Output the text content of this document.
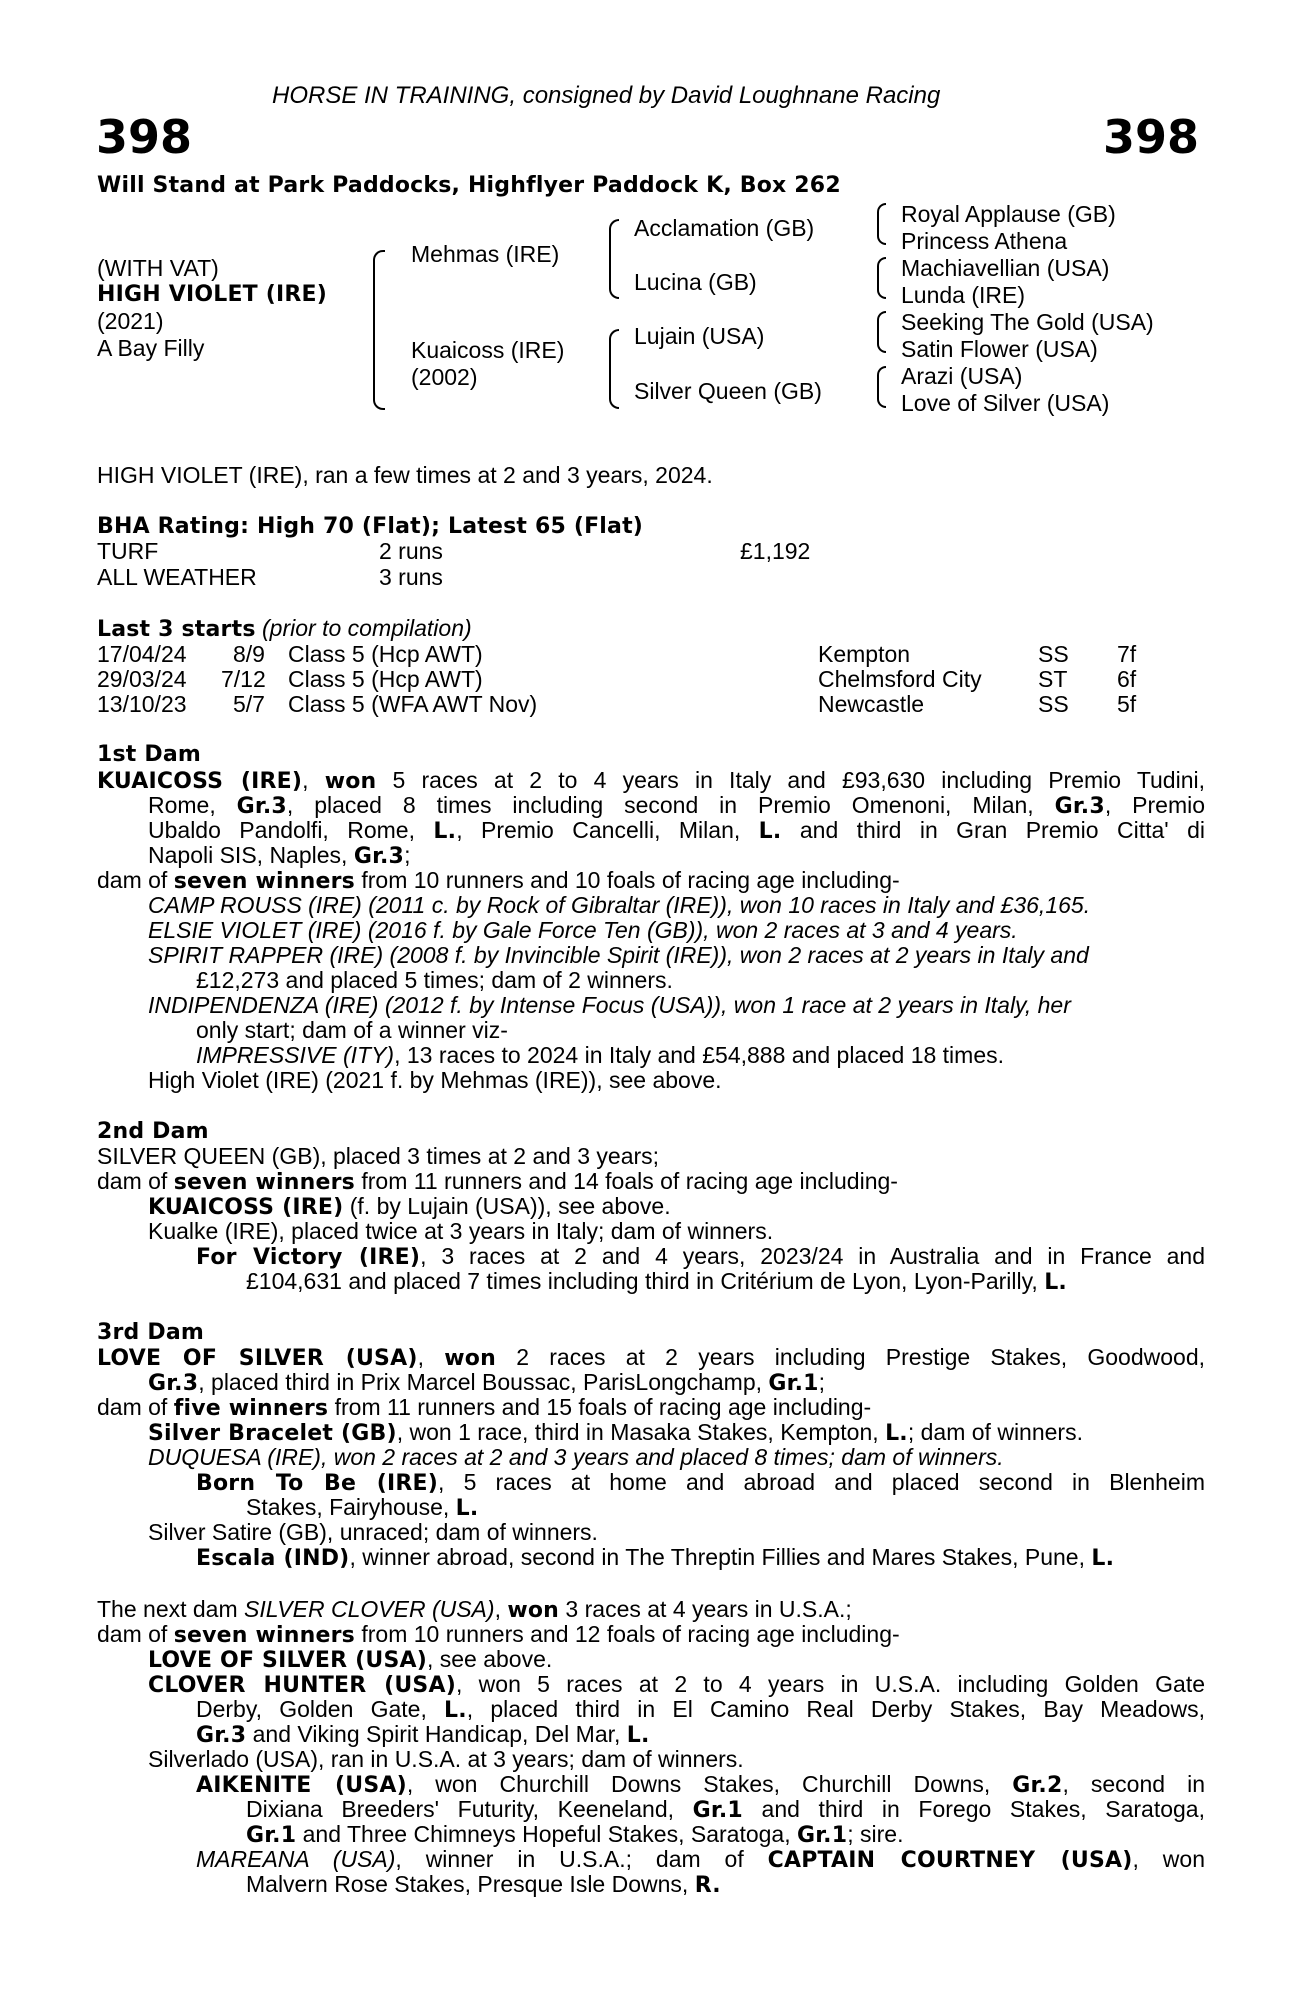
HORSE IN TRAINING, consigned by David Loughnane Racing
398	398
Will Stand at Park Paddocks, Highflyer Paddock K, Box 262
(WITH VAT)
HIGH VIOLET (IRE)
(2021)
A Bay Filly
Mehmas (IRE)
Kuaicoss (IRE)
(2002)
Acclamation (GB)
Lucina (GB)
Lujain (USA)
Silver Queen (GB)
Royal Applause (GB)
Princess Athena
Machiavellian (USA)
Lunda (IRE)
Seeking The Gold (USA)
Satin Flower (USA)
Arazi (USA)
Love of Silver (USA)
HIGH VIOLET (IRE), ran a few times at 2 and 3 years, 2024.
BHA Rating: High 70 (Flat); Latest 65 (Flat)
TURF	2 runs	£1,192
ALL WEATHER	3 runs
Last 3 starts (prior to compilation)
17/04/24 8/9 Class 5 (Hcp AWT)	Kempton	SS 7f
29/03/24 7/12 Class 5 (Hcp AWT)	Chelmsford City ST 6f
13/10/23 5/7 Class 5 (WFA AWT Nov)	Newcastle	SS 5f
1st Dam
KUAICOSS (IRE), won 5 races at 2 to 4 years in Italy and £93,630 including Premio Tudini,
Rome, Gr.3, placed 8 times including second in Premio Omenoni, Milan, Gr.3, Premio
Ubaldo Pandolfi, Rome, L., Premio Cancelli, Milan, L. and third in Gran Premio Citta' di
Napoli SIS, Naples, Gr.3;
dam of seven winners from 10 runners and 10 foals of racing age including-
CAMP ROUSS (IRE) (2011 c. by Rock of Gibraltar (IRE)), won 10 races in Italy and £36,165.
ELSIE VIOLET (IRE) (2016 f. by Gale Force Ten (GB)), won 2 races at 3 and 4 years.
SPIRIT RAPPER (IRE) (2008 f. by Invincible Spirit (IRE)), won 2 races at 2 years in Italy and
£12,273 and placed 5 times; dam of 2 winners.
INDIPENDENZA (IRE) (2012 f. by Intense Focus (USA)), won 1 race at 2 years in Italy, her
only start; dam of a winner viz-
IMPRESSIVE (ITY), 13 races to 2024 in Italy and £54,888 and placed 18 times.
High Violet (IRE) (2021 f. by Mehmas (IRE)), see above.
2nd Dam
SILVER QUEEN (GB), placed 3 times at 2 and 3 years;
dam of seven winners from 11 runners and 14 foals of racing age including-
KUAICOSS (IRE) (f. by Lujain (USA)), see above.
Kualke (IRE), placed twice at 3 years in Italy; dam of winners.
For Victory (IRE), 3 races at 2 and 4 years, 2023/24 in Australia and in France and
£104,631 and placed 7 times including third in Critérium de Lyon, Lyon-Parilly, L.
3rd Dam
LOVE OF SILVER (USA), won 2 races at 2 years including Prestige Stakes, Goodwood,
Gr.3, placed third in Prix Marcel Boussac, ParisLongchamp, Gr.1;
dam of five winners from 11 runners and 15 foals of racing age including-
Silver Bracelet (GB), won 1 race, third in Masaka Stakes, Kempton, L.; dam of winners.
DUQUESA (IRE), won 2 races at 2 and 3 years and placed 8 times; dam of winners.
Born To Be (IRE), 5 races at home and abroad and placed second in Blenheim
Stakes, Fairyhouse, L.
Silver Satire (GB), unraced; dam of winners.
Escala (IND), winner abroad, second in The Threptin Fillies and Mares Stakes, Pune, L.
The next dam SILVER CLOVER (USA), won 3 races at 4 years in U.S.A.;
dam of seven winners from 10 runners and 12 foals of racing age including-
LOVE OF SILVER (USA), see above.
CLOVER HUNTER (USA), won 5 races at 2 to 4 years in U.S.A. including Golden Gate
Derby, Golden Gate, L., placed third in El Camino Real Derby Stakes, Bay Meadows,
Gr.3 and Viking Spirit Handicap, Del Mar, L.
Silverlado (USA), ran in U.S.A. at 3 years; dam of winners.
AIKENITE (USA), won Churchill Downs Stakes, Churchill Downs, Gr.2, second in
Dixiana Breeders' Futurity, Keeneland, Gr.1 and third in Forego Stakes, Saratoga,
Gr.1 and Three Chimneys Hopeful Stakes, Saratoga, Gr.1; sire.
MAREANA (USA), winner in U.S.A.; dam of CAPTAIN COURTNEY (USA), won
Malvern Rose Stakes, Presque Isle Downs, R.
